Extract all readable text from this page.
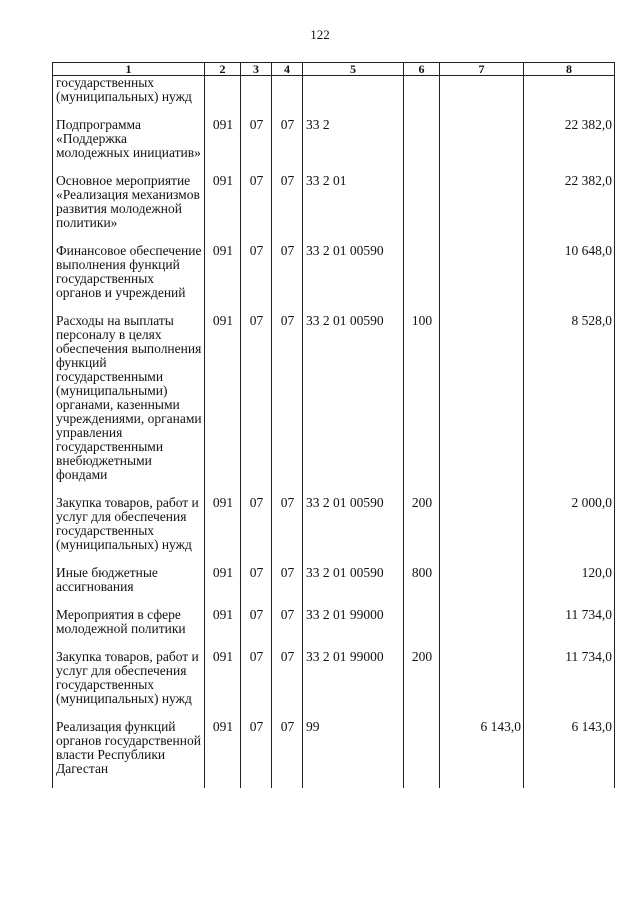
122
1	2	3	4	5	6	7	8
государственных (муниципальных) нужд							

Подпрограмма «Поддержка молодежных инициатив»	091	07	07	33 2			22 382,0

Основное мероприятие «Реализация механизмов развития молодежной политики»	091	07	07	33 2 01			22 382,0

Финансовое обеспечение выполнения функций государственных органов и учреждений	091	07	07	33 2 01 00590			10 648,0

Расходы на выплаты персоналу в целях обеспечения выполнения функций государственными (муниципальными) органами, казенными учреждениями, органами управления государственными внебюджетными фондами	091	07	07	33 2 01 00590	100		8 528,0

Закупка товаров, работ и услуг для обеспечения государственных (муниципальных) нужд	091	07	07	33 2 01 00590	200		2 000,0

Иные бюджетные ассигнования	091	07	07	33 2 01 00590	800		120,0

Мероприятия в сфере молодежной политики	091	07	07	33 2 01 99000			11 734,0

Закупка товаров, работ и услуг для обеспечения государственных (муниципальных) нужд	091	07	07	33 2 01 99000	200		11 734,0

Реализация функций органов государственной власти Республики Дагестан	091	07	07	99		6 143,0	6 143,0
